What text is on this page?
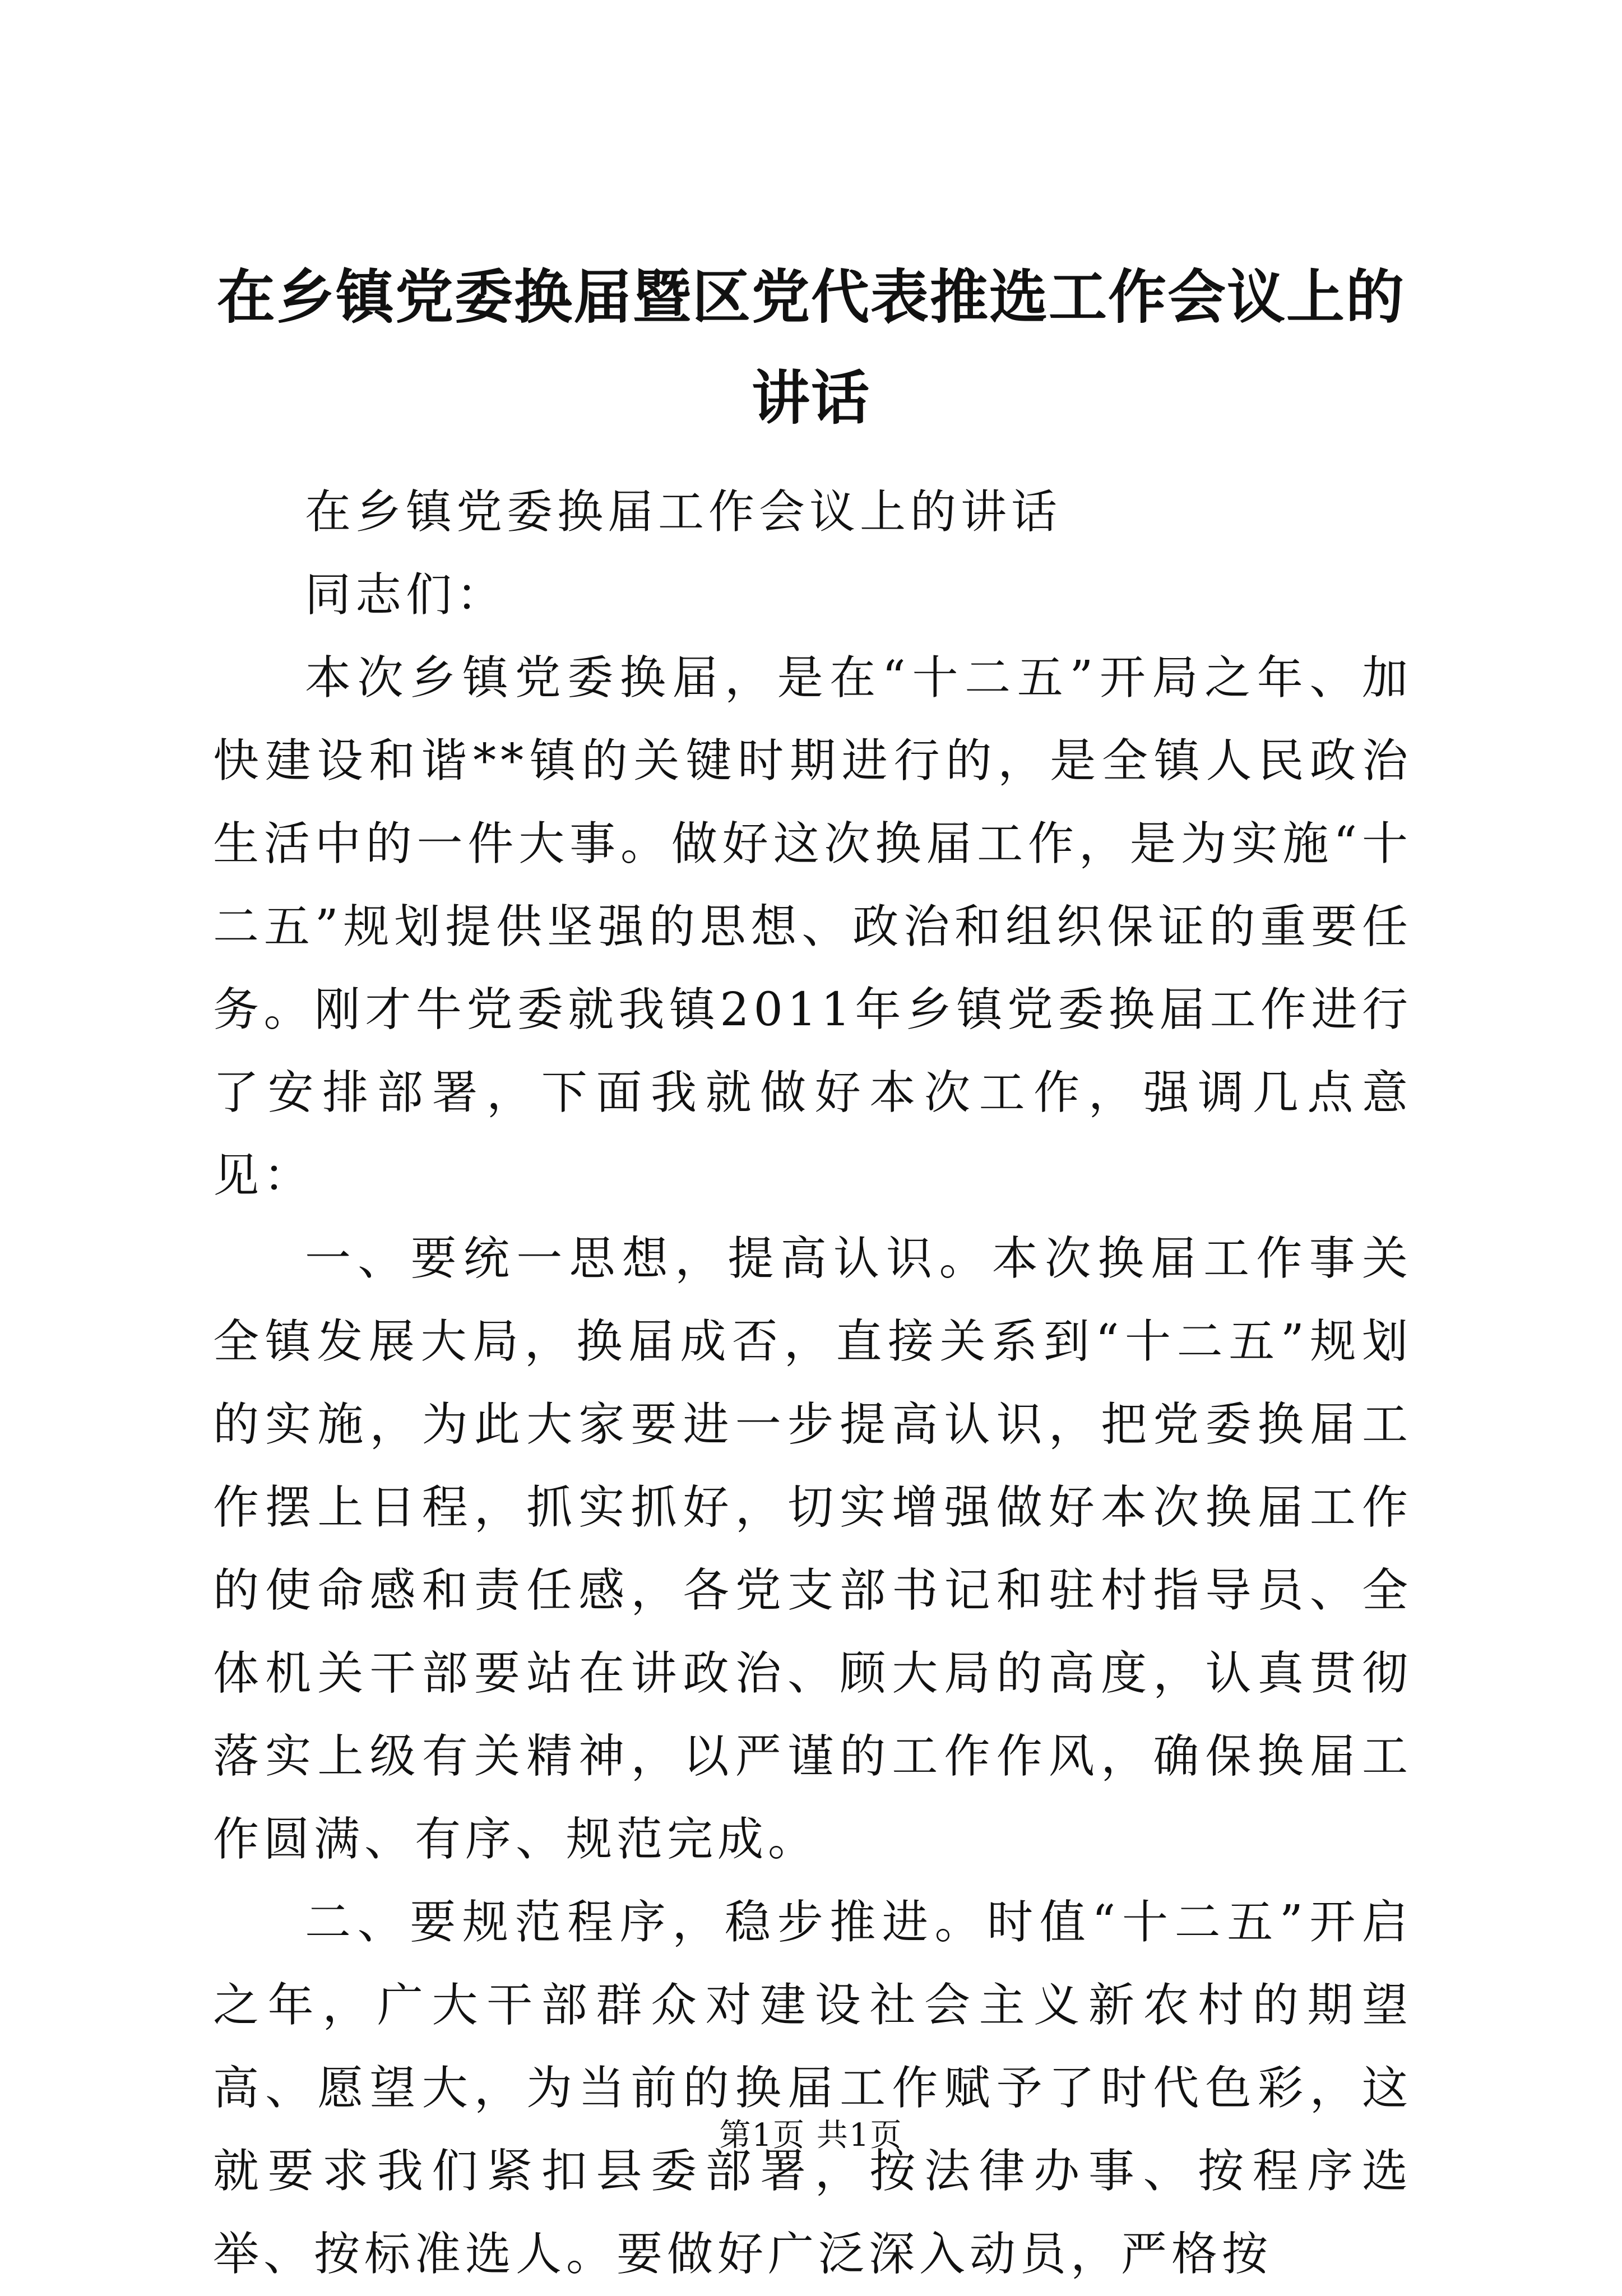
在乡镇党委换届暨区党代表推选工作会议上的讲话

在乡镇党委换届工作会议上的讲话

同志们：

本次乡镇党委换届，是在“十二五”开局之年、加快建设和谐**镇的关键时期进行的，是全镇人民政治生活中的一件大事。做好这次换届工作，是为实施“十二五”规划提供坚强的思想、政治和组织保证的重要任务。刚才牛党委就我镇2011年乡镇党委换届工作进行了安排部署，下面我就做好本次工作，强调几点意见：

一、要统一思想，提高认识。本次换届工作事关全镇发展大局，换届成否，直接关系到“十二五”规划的实施，为此大家要进一步提高认识，把党委换届工作摆上日程，抓实抓好，切实增强做好本次换届工作的使命感和责任感，各党支部书记和驻村指导员、全体机关干部要站在讲政治、顾大局的高度，认真贯彻落实上级有关精神，以严谨的工作作风，确保换届工作圆满、有序、规范完成。

二、要规范程序，稳步推进。时值“十二五”开启之年，广大干部群众对建设社会主义新农村的期望高、愿望大，为当前的换届工作赋予了时代色彩，这就要求我们紧扣县委部署，按法律办事、按程序选举、按标准选人。要做好广泛深入动员，严格按

第1页 共1页
